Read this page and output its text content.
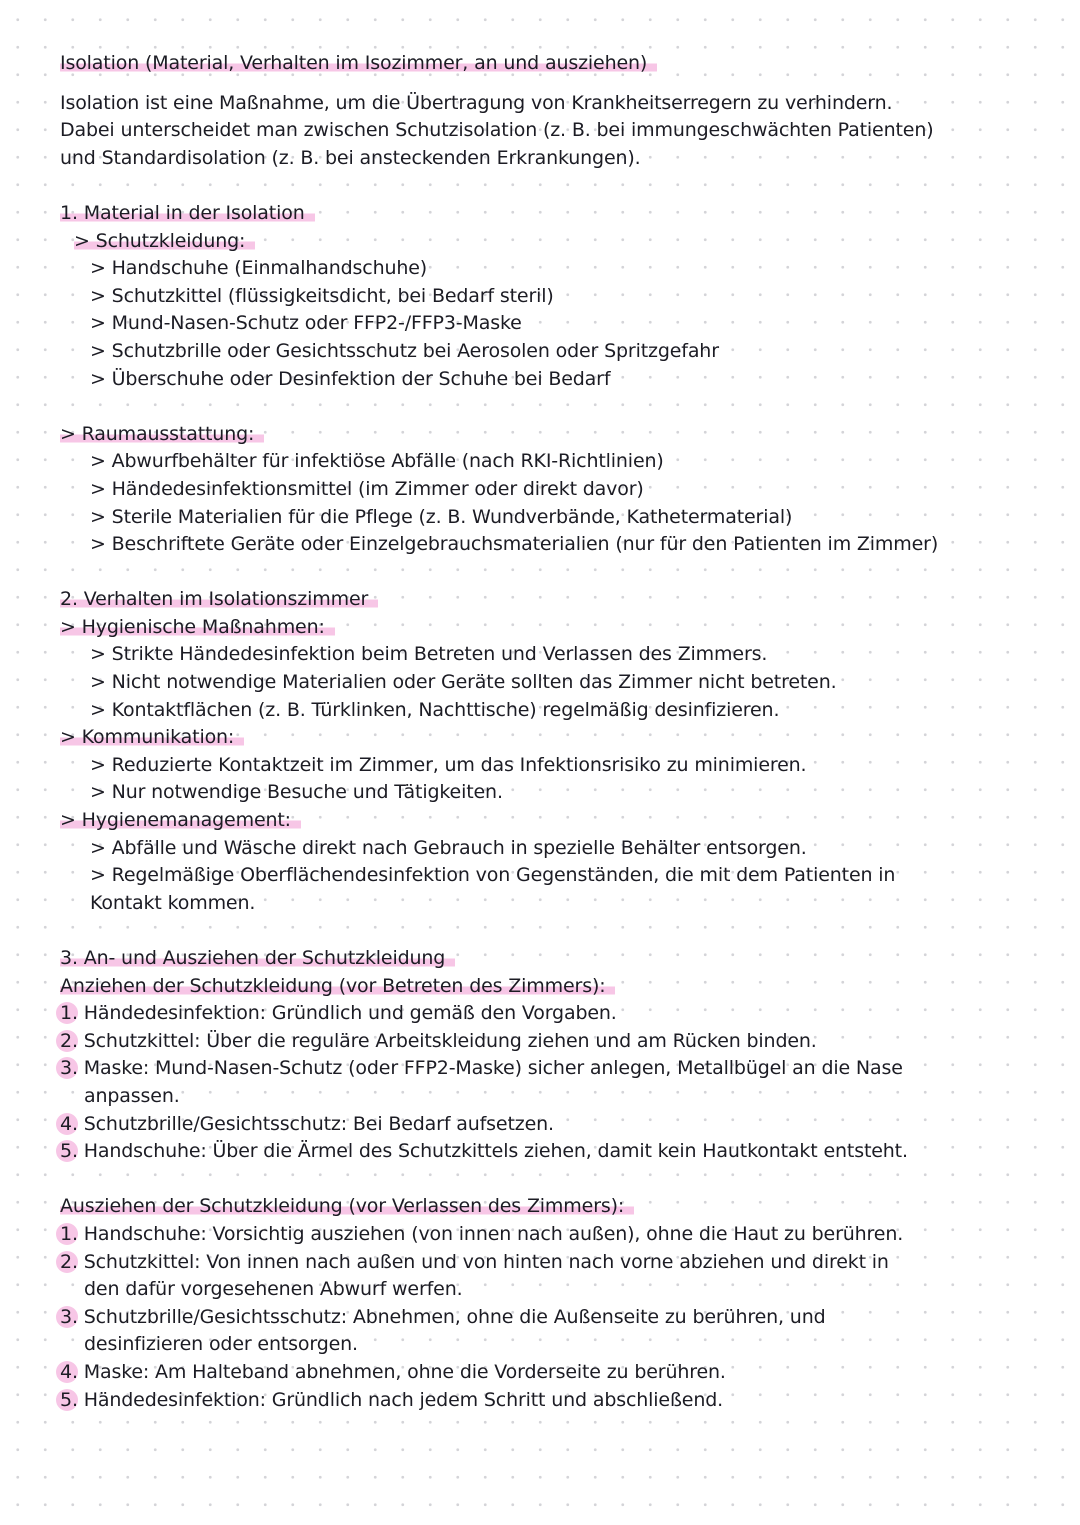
Isolation (Material, Verhalten im Isozimmer, an und ausziehen)
Isolation ist eine Maßnahme, um die Übertragung von Krankheitserregern zu verhindern.
Dabei unterscheidet man zwischen Schutzisolation (z. B. bei immungeschwächten Patienten)
und Standardisolation (z. B. bei ansteckenden Erkrankungen).
1. Material in der Isolation
> Schutzkleidung:
> Handschuhe (Einmalhandschuhe)
> Schutzkittel (flüssigkeitsdicht, bei Bedarf steril)
> Mund-Nasen-Schutz oder FFP2-/FFP3-Maske
> Schutzbrille oder Gesichtsschutz bei Aerosolen oder Spritzgefahr
> Überschuhe oder Desinfektion der Schuhe bei Bedarf
> Raumausstattung:
> Abwurfbehälter für infektiöse Abfälle (nach RKI-Richtlinien)
> Händedesinfektionsmittel (im Zimmer oder direkt davor)
> Sterile Materialien für die Pflege (z. B. Wundverbände, Kathetermaterial)
> Beschriftete Geräte oder Einzelgebrauchsmaterialien (nur für den Patienten im Zimmer)
2. Verhalten im Isolationszimmer
> Hygienische Maßnahmen:
> Strikte Händedesinfektion beim Betreten und Verlassen des Zimmers.
> Nicht notwendige Materialien oder Geräte sollten das Zimmer nicht betreten.
> Kontaktflächen (z. B. Türklinken, Nachttische) regelmäßig desinfizieren.
> Kommunikation:
> Reduzierte Kontaktzeit im Zimmer, um das Infektionsrisiko zu minimieren.
> Nur notwendige Besuche und Tätigkeiten.
> Hygienemanagement:
> Abfälle und Wäsche direkt nach Gebrauch in spezielle Behälter entsorgen.
> Regelmäßige Oberflächendesinfektion von Gegenständen, die mit dem Patienten in
Kontakt kommen.
3. An- und Ausziehen der Schutzkleidung
Anziehen der Schutzkleidung (vor Betreten des Zimmers):
1. Händedesinfektion: Gründlich und gemäß den Vorgaben.
2. Schutzkittel: Über die reguläre Arbeitskleidung ziehen und am Rücken binden.
3. Maske: Mund-Nasen-Schutz (oder FFP2-Maske) sicher anlegen, Metallbügel an die Nase
anpassen.
4. Schutzbrille/Gesichtsschutz: Bei Bedarf aufsetzen.
5. Handschuhe: Über die Ärmel des Schutzkittels ziehen, damit kein Hautkontakt entsteht.
Ausziehen der Schutzkleidung (vor Verlassen des Zimmers):
1. Handschuhe: Vorsichtig ausziehen (von innen nach außen), ohne die Haut zu berühren.
2. Schutzkittel: Von innen nach außen und von hinten nach vorne abziehen und direkt in
den dafür vorgesehenen Abwurf werfen.
3. Schutzbrille/Gesichtsschutz: Abnehmen, ohne die Außenseite zu berühren, und
desinfizieren oder entsorgen.
4. Maske: Am Halteband abnehmen, ohne die Vorderseite zu berühren.
5. Händedesinfektion: Gründlich nach jedem Schritt und abschließend.
